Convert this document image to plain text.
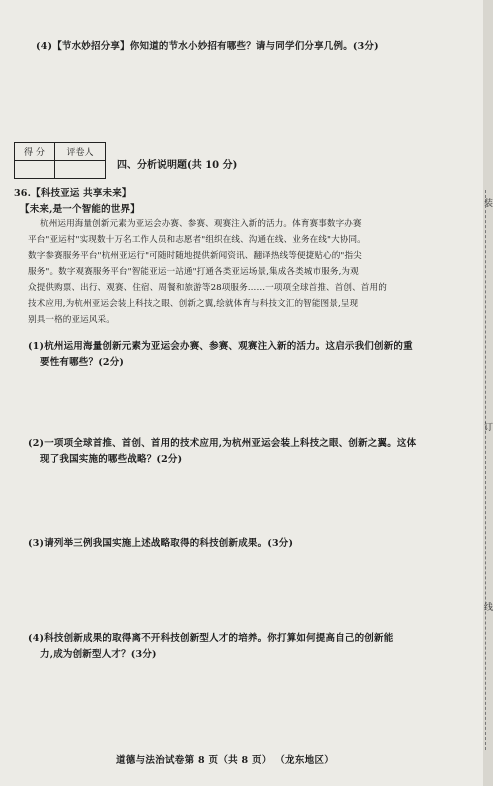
(4)【节水妙招分享】你知道的节水小妙招有哪些？请与同学们分享几例。(3分)
得 分	评卷人

四、分析说明题(共 10 分)
36.【科技亚运 共享未来】
【未来,是一个智能的世界】
杭州运用海量创新元素为亚运会办赛、参赛、观赛注入新的活力。体育赛事数字办赛
平台"亚运村"实现数十万名工作人员和志愿者"组织在线、沟通在线、业务在线"大协同。
数字参赛服务平台"杭州亚运行"可随时随地提供新闻资讯、翻译热线等便捷贴心的"指尖
服务"。数字观赛服务平台"智能亚运一站通"打通各类亚运场景,集成各类城市服务,为观
众提供购票、出行、观赛、住宿、周餐和旅游等28项服务……一项项全球首推、首创、首用的
技术应用,为杭州亚运会装上科技之眼、创新之翼,绘就体育与科技文汇的智能图景,呈现
别具一格的亚运风采。
(1)杭州运用海量创新元素为亚运会办赛、参赛、观赛注入新的活力。这启示我们创新的重
要性有哪些？(2分)
(2)一项项全球首推、首创、首用的技术应用,为杭州亚运会装上科技之眼、创新之翼。这体
现了我国实施的哪些战略？(2分)
(3)请列举三例我国实施上述战略取得的科技创新成果。(3分)
(4)科技创新成果的取得离不开科技创新型人才的培养。你打算如何提高自己的创新能
力,成为创新型人才？(3分)
道德与法治试卷第 8 页（共 8 页） （龙东地区）
装
订
线
